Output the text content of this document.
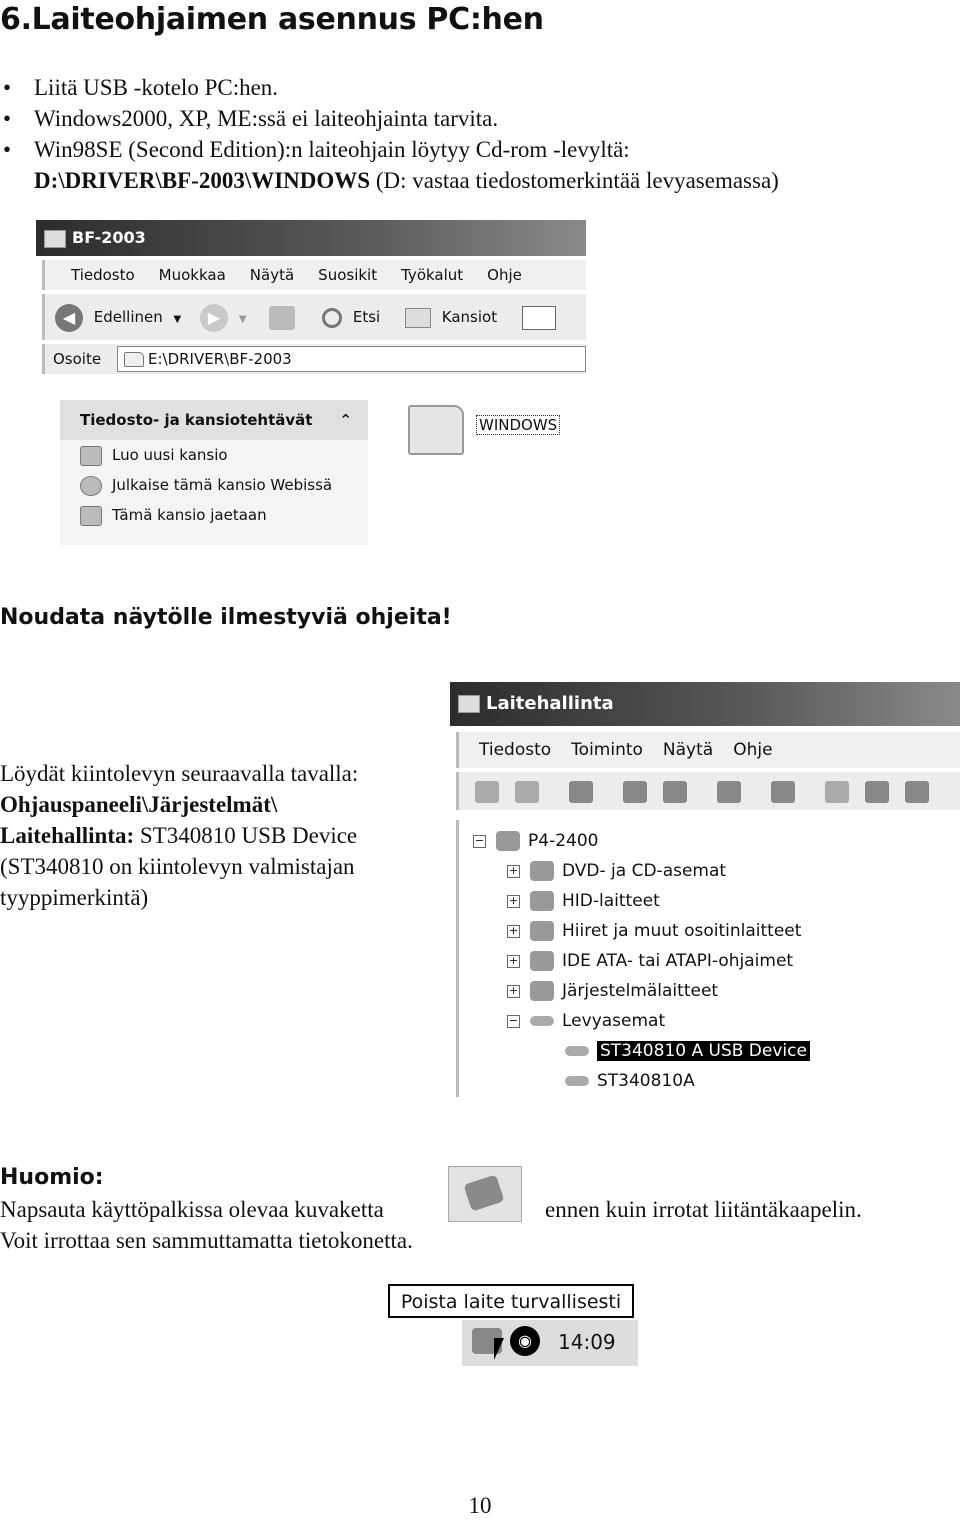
6.Laiteohjaimen asennus PC:hen
• Liitä USB -kotelo PC:hen.
• Windows2000, XP, ME:ssä ei laiteohjainta tarvita.
• Win98SE (Second Edition):n laiteohjain löytyy Cd-rom -levyltä:
D:\DRIVER\BF-2003\WINDOWS (D: vastaa tiedostomerkintää levyasemassa)
BF-2003
Tiedosto Muokkaa Näytä Suosikit Työkalut Ohje
◀ Edellinen ▼ ▶ ▼	Etsi	Kansiot
Osoite	E:\DRIVER\BF-2003
Tiedosto- ja kansiotehtävät ⌃
Luo uusi kansio
Julkaise tämä kansio Webissä
Tämä kansio jaetaan
WINDOWS
Noudata näytölle ilmestyviä ohjeita!
Löydät kiintolevyn seuraavalla tavalla:
Ohjauspaneeli\Järjestelmät\
Laitehallinta: ST340810 USB Device
(ST340810 on kiintolevyn valmistajan
tyyppimerkintä)
Laitehallinta
Tiedosto Toiminto Näytä Ohje
−	P4-2400
+	DVD- ja CD-asemat
+	HID-laitteet
+	Hiiret ja muut osoitinlaitteet
+	IDE ATA- tai ATAPI-ohjaimet
+	Järjestelmälaitteet
−	Levyasemat
ST340810 A USB Device
ST340810A
Huomio:
Napsauta käyttöpalkissa olevaa kuvaketta	ennen kuin irrotat liitäntäkaapelin.
Voit irrottaa sen sammuttamatta tietokonetta.
Poista laite turvallisesti
◉	14:09
10
